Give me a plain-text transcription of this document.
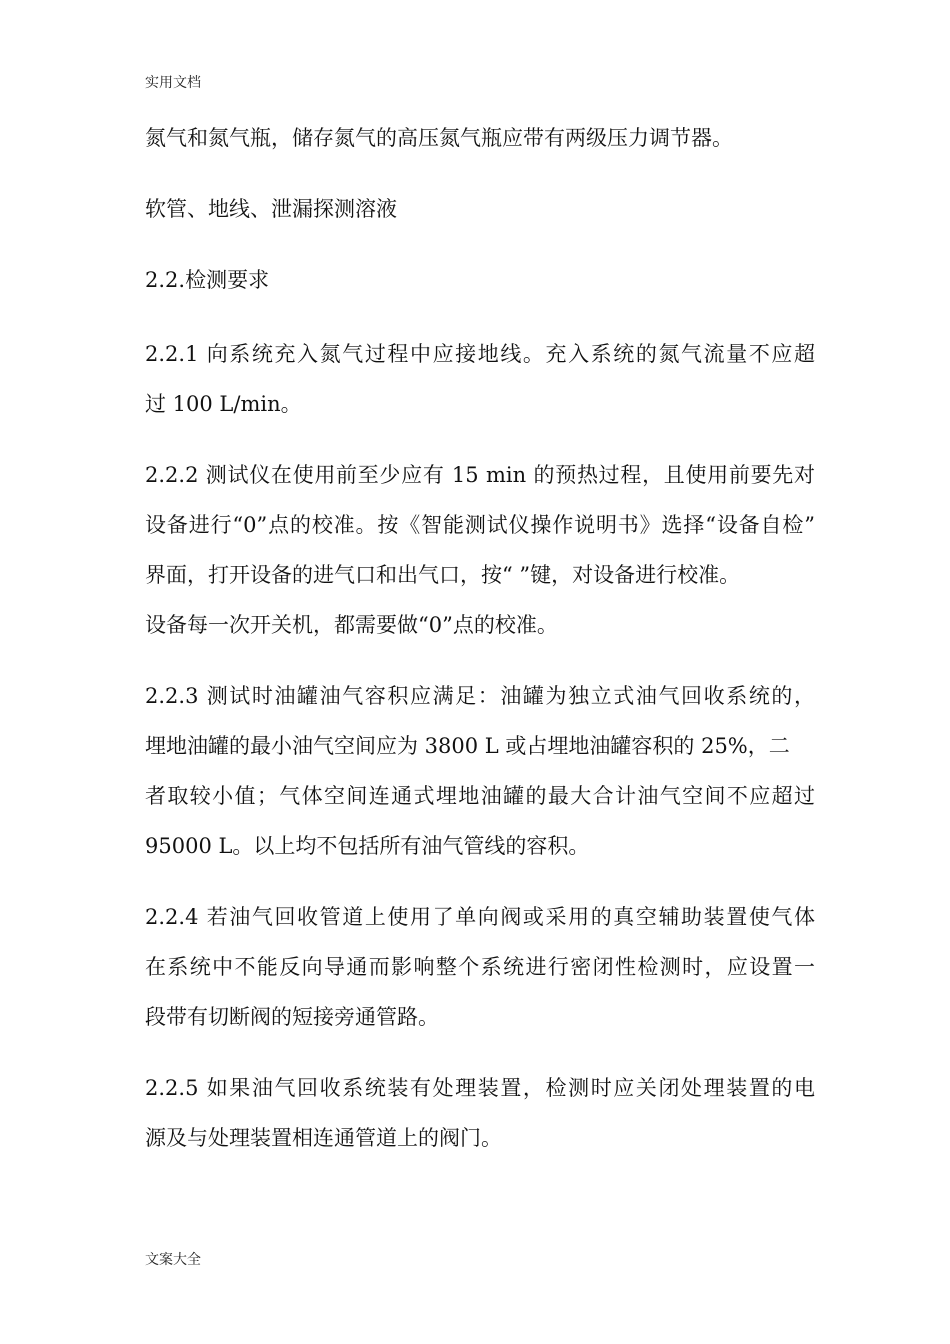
实用文档
氮气和氮气瓶，储存氮气的高压氮气瓶应带有两级压力调节器。
软管、地线、泄漏探测溶液
2.2.检测要求
2.2.1 向系统充入氮气过程中应接地线。充入系统的氮气流量不应超
过 100 L/min。
2.2.2 测试仪在使用前至少应有 15 min 的预热过程，且使用前要先对
设备进行“0”点的校准。按《智能测试仪操作说明书》选择“设备自检”
界面，打开设备的进气口和出气口，按“ ”键，对设备进行校准。
设备每一次开关机，都需要做“0”点的校准。
2.2.3 测试时油罐油气容积应满足：油罐为独立式油气回收系统的，
埋地油罐的最小油气空间应为 3800 L 或占埋地油罐容积的 25%，二
者取较小值；气体空间连通式埋地油罐的最大合计油气空间不应超过
95000 L。以上均不包括所有油气管线的容积。
2.2.4 若油气回收管道上使用了单向阀或采用的真空辅助装置使气体
在系统中不能反向导通而影响整个系统进行密闭性检测时，应设置一
段带有切断阀的短接旁通管路。
2.2.5 如果油气回收系统装有处理装置，检测时应关闭处理装置的电
源及与处理装置相连通管道上的阀门。
文案大全
